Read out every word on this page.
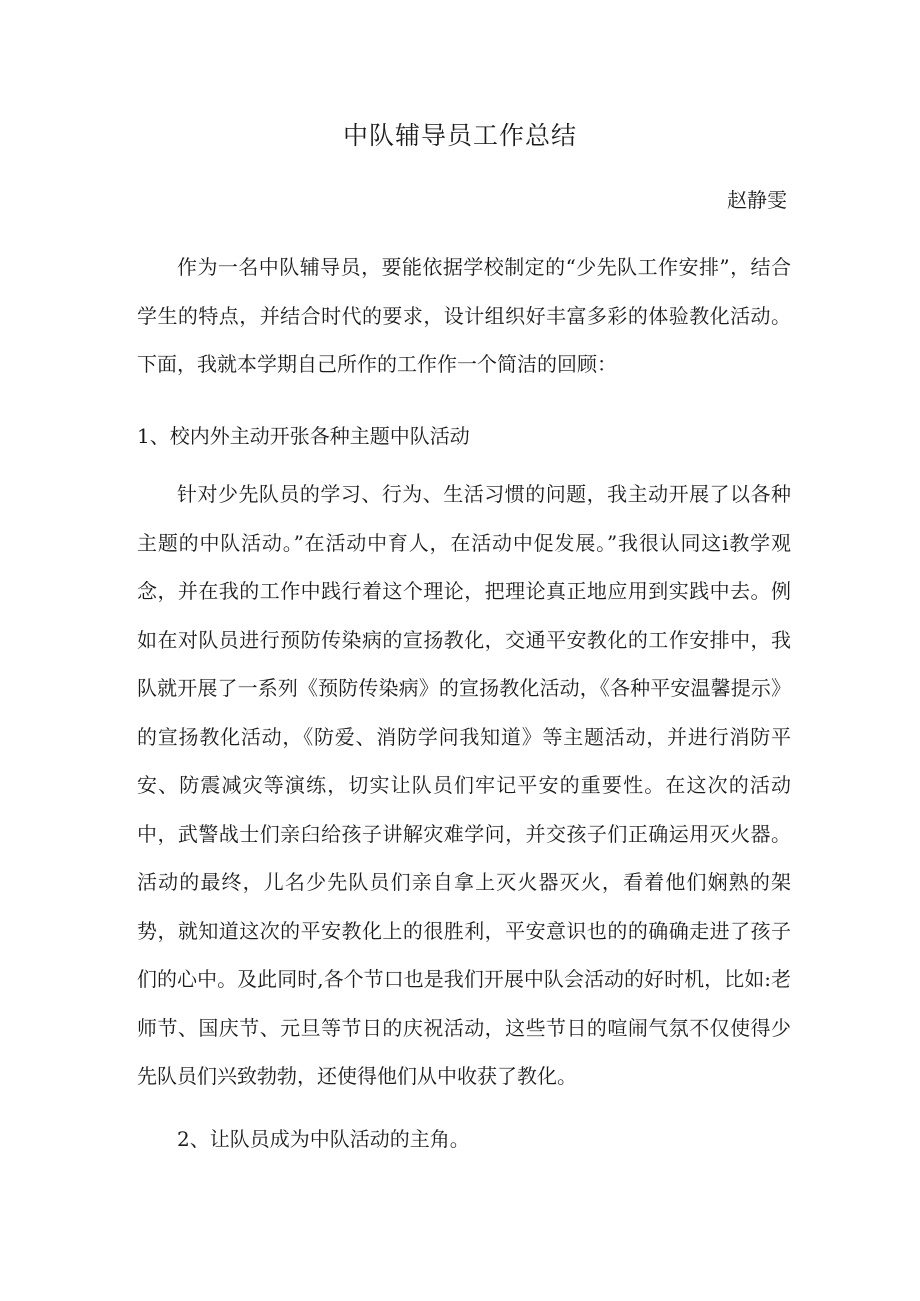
中队辅导员工作总结
赵静雯

作为一名中队辅导员，要能依据学校制定的“少先队工作安排”，结合学生的特点，并结合时代的要求，设计组织好丰富多彩的体验教化活动。下面，我就本学期自己所作的工作作一个简洁的回顾：

1、校内外主动开张各种主题中队活动

针对少先队员的学习、行为、生活习惯的问题，我主动开展了以各种主题的中队活动。”在活动中育人，在活动中促发展。”我很认同这i教学观念，并在我的工作中践行着这个理论，把理论真正地应用到实践中去。例如在对队员进行预防传染病的宣扬教化，交通平安教化的工作安排中，我队就开展了一系列《预防传染病》的宣扬教化活动，《各种平安温馨提示》的宣扬教化活动，《防爱、消防学问我知道》等主题活动，并进行消防平安、防震减灾等演练，切实让队员们牢记平安的重要性。在这次的活动中，武警战士们亲臼给孩子讲解灾难学问，并交孩子们正确运用灭火器。活动的最终，儿名少先队员们亲自拿上灭火器灭火，看着他们娴熟的架势，就知道这次的平安教化上的很胜利，平安意识也的的确确走进了孩子们的心中。及此同时,各个节口也是我们开展中队会活动的好时机，比如:老师节、国庆节、元旦等节日的庆祝活动，这些节日的喧闹气氛不仅使得少先队员们兴致勃勃，还使得他们从中收获了教化。

2、让队员成为中队活动的主角。
